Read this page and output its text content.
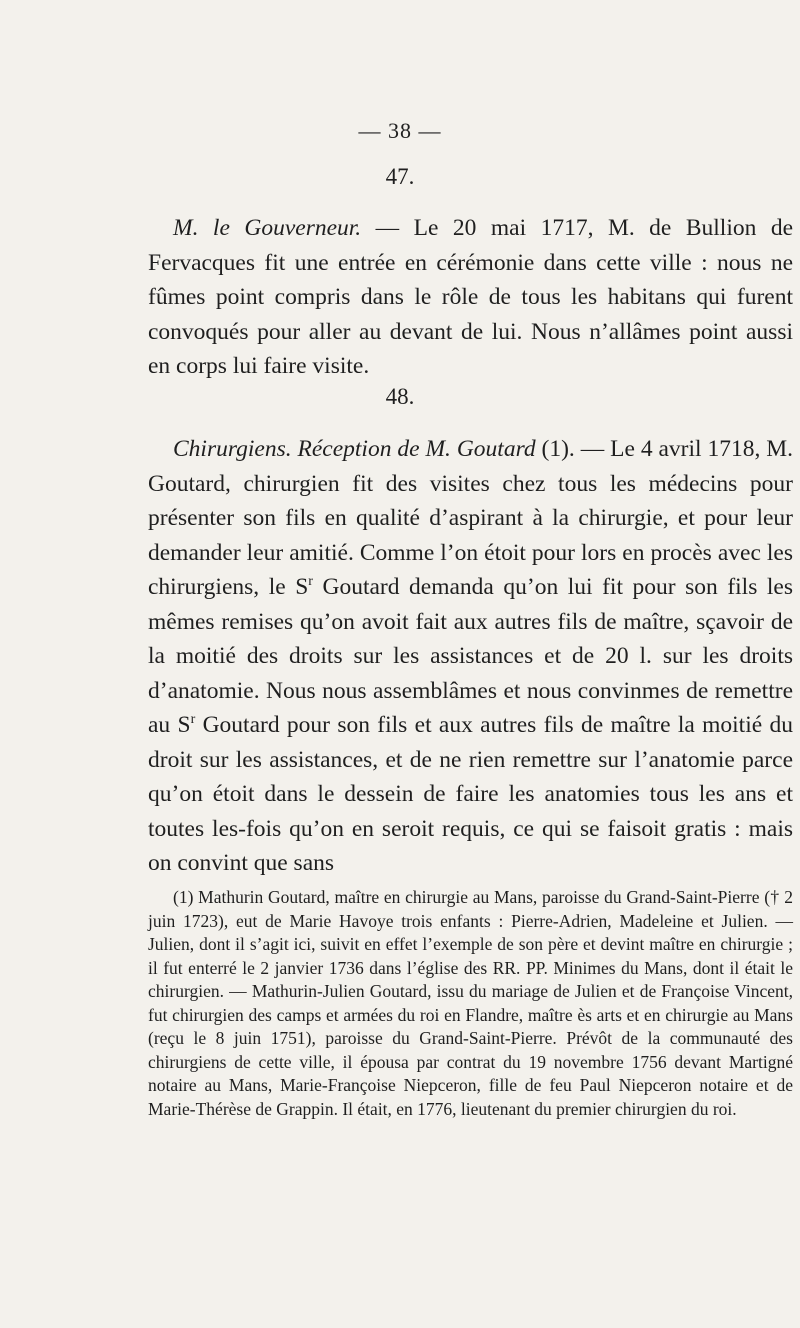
— 38 —
47.

M. le Gouverneur. — Le 20 mai 1717, M. de Bullion de Fervacques fit une entrée en cérémonie dans cette ville : nous ne fûmes point compris dans le rôle de tous les habitans qui furent convoqués pour aller au devant de lui. Nous n’allâmes point aussi en corps lui faire visite.

48.

Chirurgiens. Réception de M. Goutard (1). — Le 4 avril 1718, M. Goutard, chirurgien fit des visites chez tous les médecins pour présenter son fils en qualité d’aspirant à la chirurgie, et pour leur demander leur amitié. Comme l’on étoit pour lors en procès avec les chirurgiens, le $S^r$ Goutard demanda qu’on lui fit pour son fils les mêmes remises qu’on avoit fait aux autres fils de maître, sçavoir de la moitié des droits sur les assistances et de 20 l. sur les droits d’anatomie. Nous nous assemblâmes et nous convinmes de remettre au $S^r$ Goutard pour son fils et aux autres fils de maître la moitié du droit sur les assistances, et de ne rien remettre sur l’anatomie parce qu’on étoit dans le dessein de faire les anatomies tous les ans et toutes les-fois qu’on en seroit requis, ce qui se faisoit gratis : mais on convint que sans

(1) Mathurin Goutard, maître en chirurgie au Mans, paroisse du Grand-Saint-Pierre († 2 juin 1723), eut de Marie Havoye trois enfants : Pierre-Adrien, Madeleine et Julien. — Julien, dont il s’agit ici, suivit en effet l’exemple de son père et devint maître en chirurgie ; il fut enterré le 2 janvier 1736 dans l’église des RR. PP. Minimes du Mans, dont il était le chirurgien. — Mathurin-Julien Goutard, issu du mariage de Julien et de Françoise Vincent, fut chirurgien des camps et armées du roi en Flandre, maître ès arts et en chirurgie au Mans (reçu le 8 juin 1751), paroisse du Grand-Saint-Pierre. Prévôt de la communauté des chirurgiens de cette ville, il épousa par contrat du 19 novembre 1756 devant Martigné notaire au Mans, Marie-Françoise Niepceron, fille de feu Paul Niepceron notaire et de Marie-Thérèse de Grappin. Il était, en 1776, lieutenant du premier chirurgien du roi.
